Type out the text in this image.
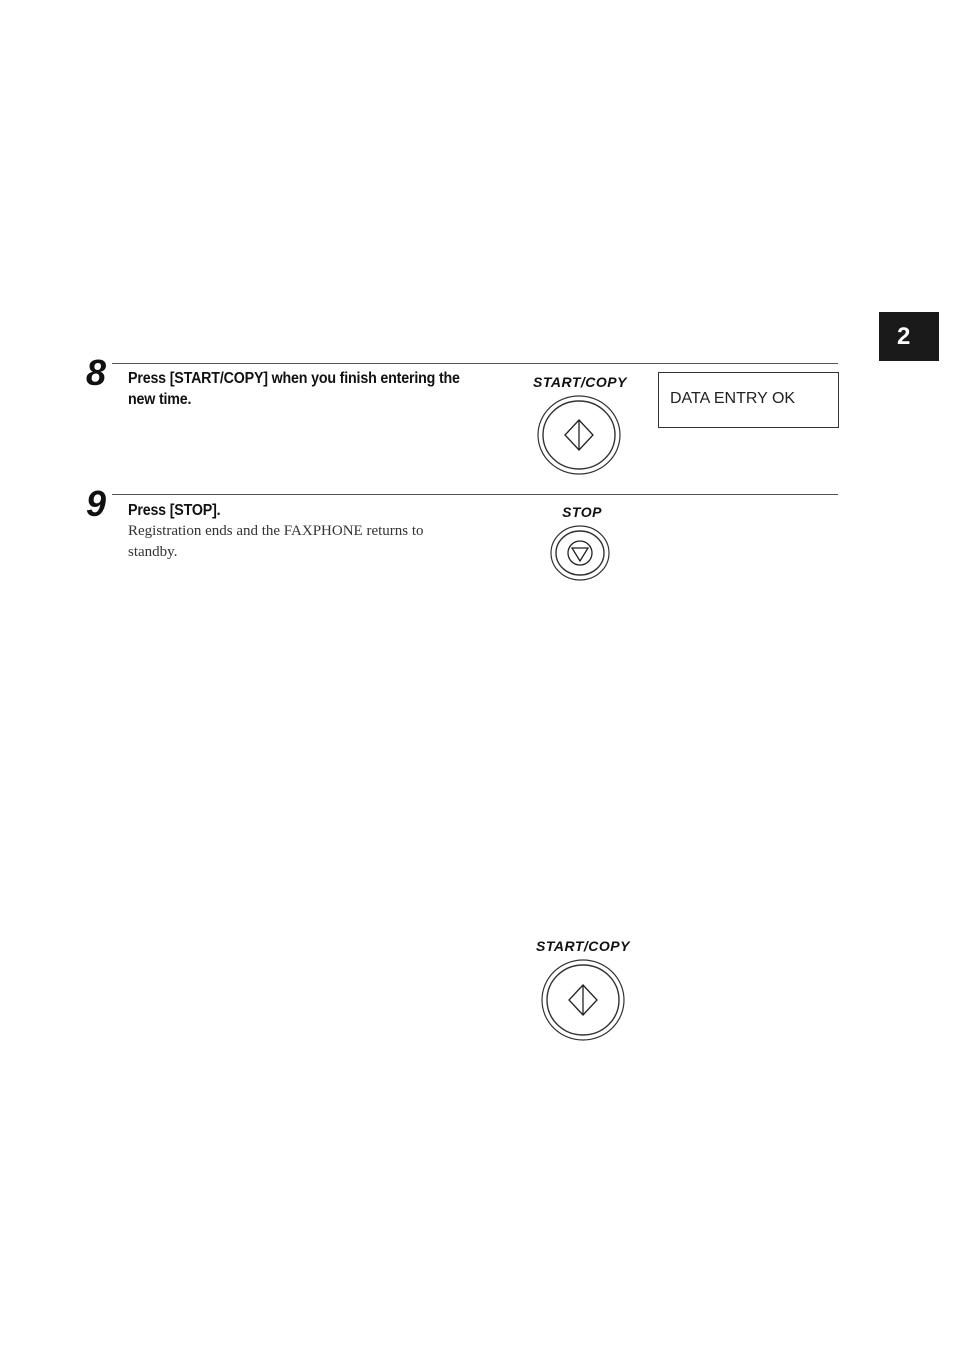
2
8 Press [START/COPY] when you finish entering the
new time.
START/COPY
DATA ENTRY OK
9 Press [STOP].
Registration ends and the FAXPHONE returns to
standby.
STOP
START/COPY
